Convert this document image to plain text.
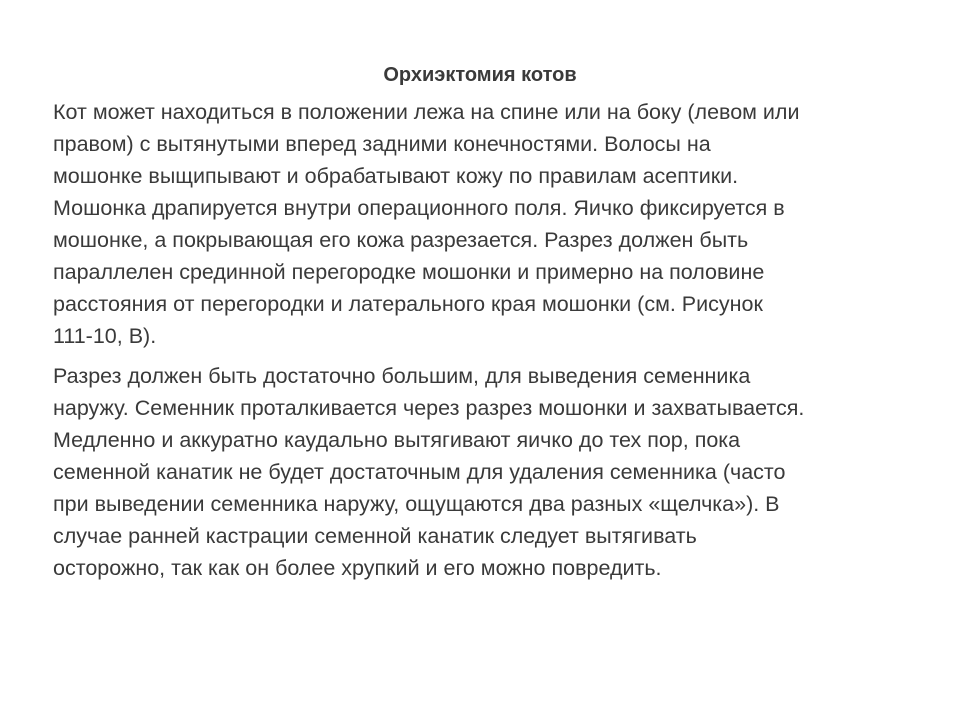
Орхиэктомия котов

Кот может находиться в положении лежа на спине или на боку (левом или
правом) с вытянутыми вперед задними конечностями. Волосы на
мошонке выщипывают и обрабатывают кожу по правилам асептики.
Мошонка драпируется внутри операционного поля. Яичко фиксируется в
мошонке, а покрывающая его кожа разрезается. Разрез должен быть
параллелен срединной перегородке мошонки и примерно на половине
расстояния от перегородки и латерального края мошонки (см. Рисунок
111-10, В).

Разрез должен быть достаточно большим, для выведения семенника
наружу. Семенник проталкивается через разрез мошонки и захватывается.
Медленно и аккуратно каудально вытягивают яичко до тех пор, пока
семенной канатик не будет достаточным для удаления семенника (часто
при выведении семенника наружу, ощущаются два разных «щелчка»). В
случае ранней кастрации семенной канатик следует вытягивать
осторожно, так как он более хрупкий и его можно повредить.
